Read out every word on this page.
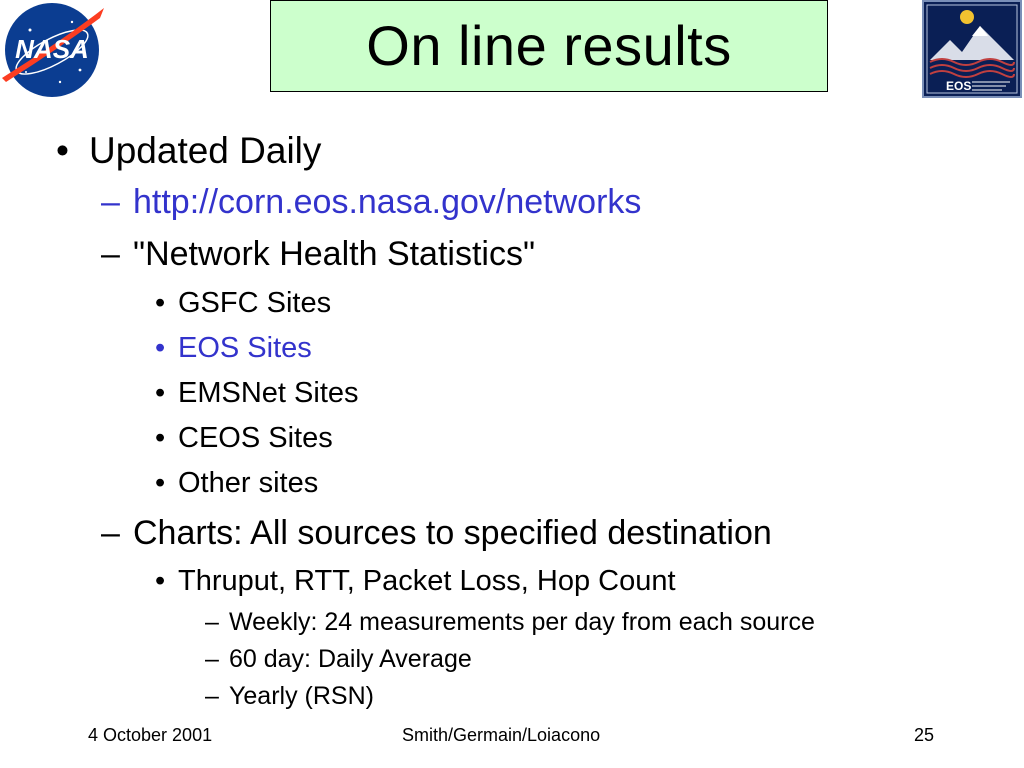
NASA	On line results
EOS
• Updated Daily
– http://corn.eos.nasa.gov/networks
– "Network Health Statistics"
• GSFC Sites
• EOS Sites
• EMSNet Sites
• CEOS Sites
• Other sites
– Charts: All sources to specified destination
• Thruput, RTT, Packet Loss, Hop Count
– Weekly: 24 measurements per day from each source
– 60 day: Daily Average
– Yearly (RSN)
4 October 2001	Smith/Germain/Loiacono	25
